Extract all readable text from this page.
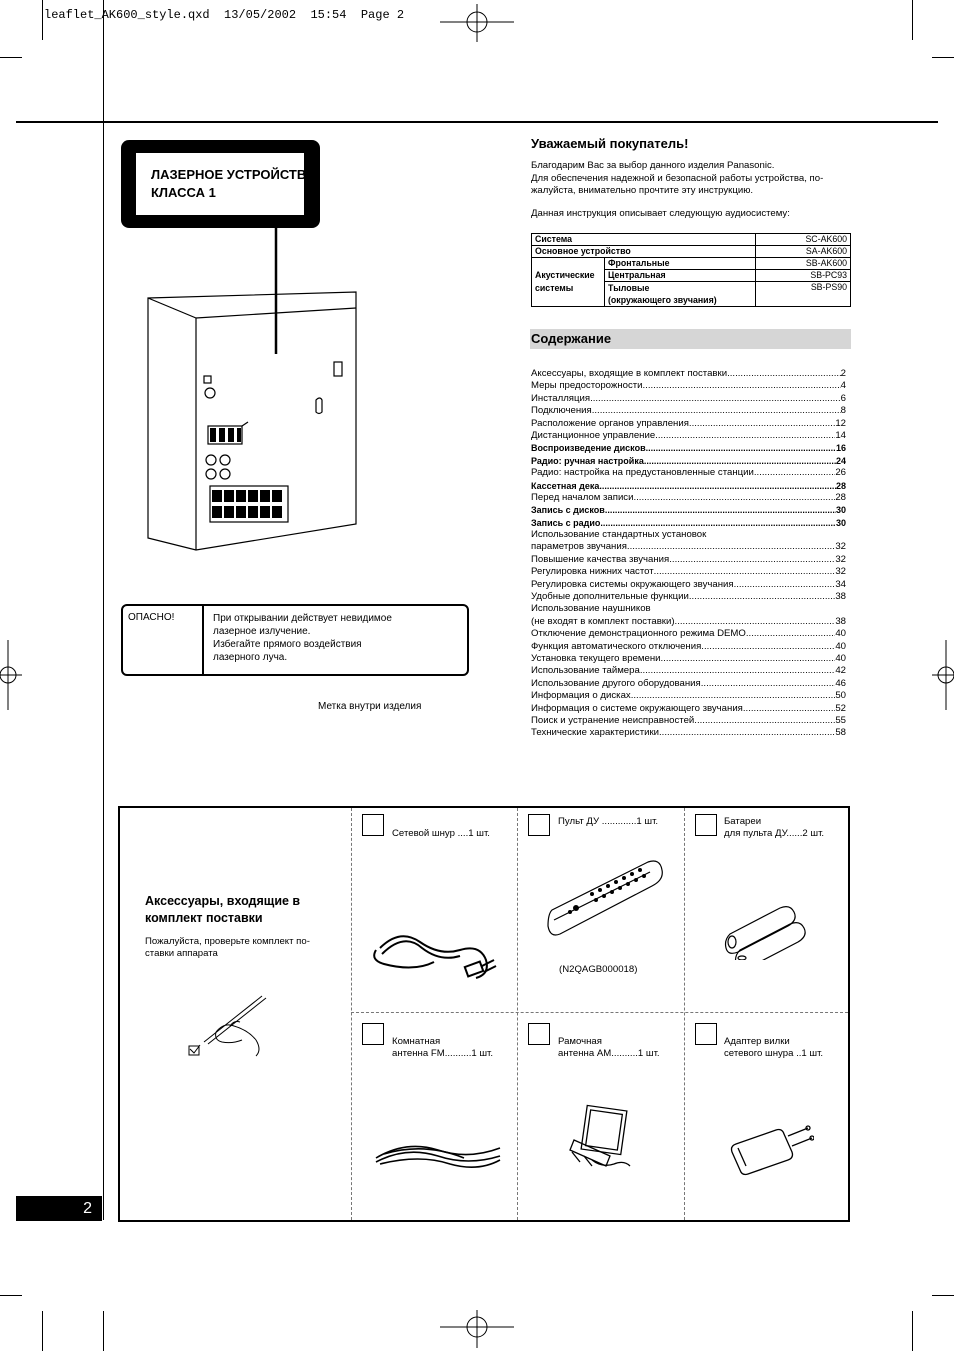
leaflet_AK600_style.qxd  13/05/2002  15:54  Page 2
ЛАЗЕРНОЕ УСТРОЙСТВО
КЛАССА 1
ОПАСНО!	При открывании действует невидимое
лазерное излучение.
Избегайте прямого воздействия
лазерного луча.
Метка внутри изделия
Уважаемый покупатель!
Благодарим Вас за выбор данного изделия Panasonic.
Для обеспечения надежной и безопасной работы устройства, по-
жалуйста, внимательно прочтите эту инструкцию.
Данная инструкция описывает следующую аудиосистему:
Система		SC-AK600
Основное устройство		SA-AK600

Акустические
системы	Фронтальные	SB-AK600
	Центральная	SB-PC93

	Тыловые
(окружающего звучания)	SB-PS90
Содержание
Аксессуары, входящие в комплект поставки .....	2
Меры предосторожности .....	4
Инсталляция .....	6
Подключения .....	8
Расположение органов управления .....	12
Дистанционное управление .....	14
Воспроизведение дисков .....	16
Радио: ручная настройка .....	24
Радио: настройка на предустановленные станции .....	26
Кассетная дека .....	28
Перед началом записи .....	28
Запись с дисков .....	30
Запись с радио .....	30
Использование стандартных установок
параметров звучания .....	32
Повышение качества звучания .....	32
Регулировка нижних частот .....	32
Регулировка системы окружающего звучания .....	34
Удобные дополнительные функции .....	38
Использование наушников
(не входят в комплект поставки) .....	38
Отключение демонстрационного режима DEMO .....	40
Функция автоматического отключения .....	40
Установка текущего времени .....	40
Использование таймера .....	42
Использование другого оборудования .....	46
Информация о дисках .....	50
Информация о системе окружающего звучания .....	52
Поиск и устранение неисправностей .....	55
Технические характеристики .....	58
Аксессуары, входящие в
комплект поставки
Пожалуйста, проверьте комплект по-
ставки аппарата
Сетевой шнур ....1 шт.
Пульт ДУ .............1 шт.
(N2QAGB000018)
Батареи
для пульта ДУ......2 шт.
Комнатная
антенна FM..........1 шт.
Рамочная
антенна AM..........1 шт.
Адаптер вилки
сетевого шнура ..1 шт.
2
